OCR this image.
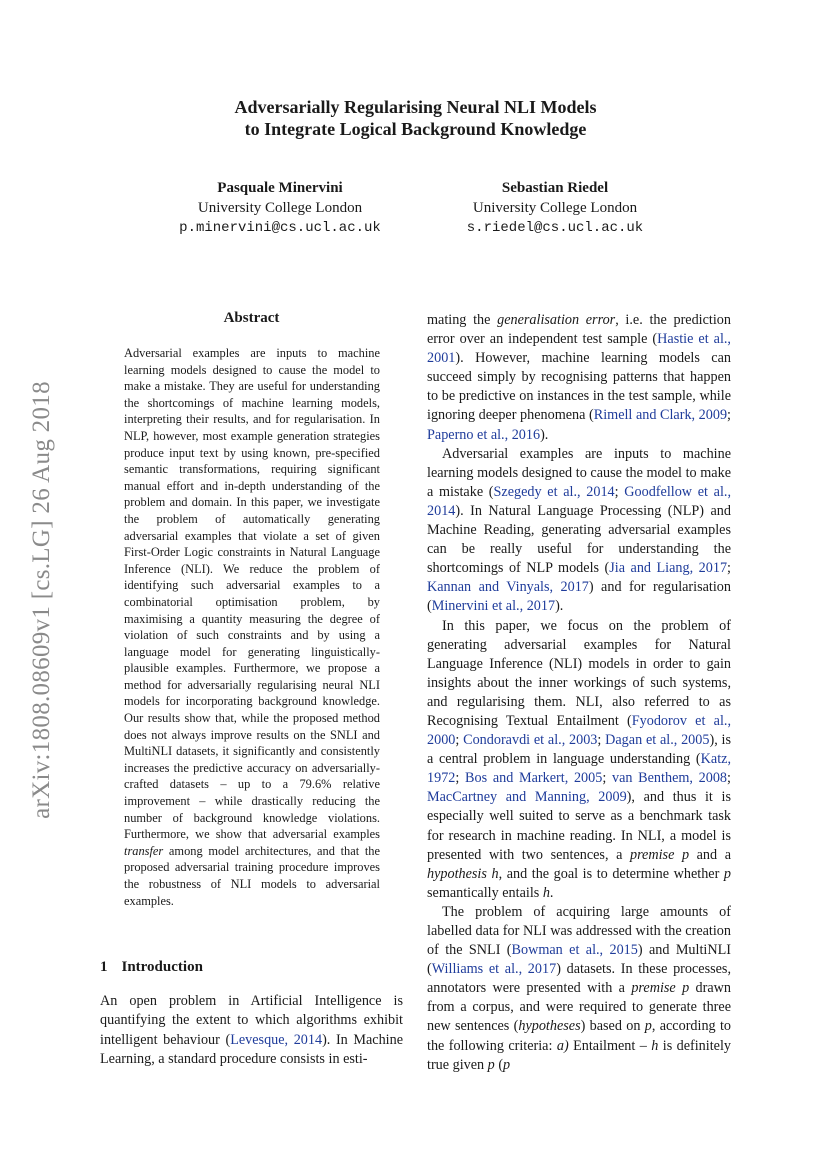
arXiv:1808.08609v1 [cs.LG] 26 Aug 2018
Adversarially Regularising Neural NLI Models
to Integrate Logical Background Knowledge
Pasquale Minervini
University College London
p.minervini@cs.ucl.ac.uk
Sebastian Riedel
University College London
s.riedel@cs.ucl.ac.uk
Abstract
Adversarial examples are inputs to machine learning models designed to cause the model to make a mistake. They are useful for understanding the shortcomings of machine learning models, interpreting their results, and for regularisation. In NLP, however, most example generation strategies produce input text by using known, pre-specified semantic transformations, requiring significant manual effort and in-depth understanding of the problem and domain. In this paper, we investigate the problem of automatically generating adversarial examples that violate a set of given First-Order Logic constraints in Natural Language Inference (NLI). We reduce the problem of identifying such adversarial examples to a combinatorial optimisation problem, by maximising a quantity measuring the degree of violation of such constraints and by using a language model for generating linguistically-plausible examples. Furthermore, we propose a method for adversarially regularising neural NLI models for incorporating background knowledge. Our results show that, while the proposed method does not always improve results on the SNLI and MultiNLI datasets, it significantly and consistently increases the predictive accuracy on adversarially-crafted datasets – up to a 79.6% relative improvement – while drastically reducing the number of background knowledge violations. Furthermore, we show that adversarial examples transfer among model architectures, and that the proposed adversarial training procedure improves the robustness of NLI models to adversarial examples.
1 Introduction
An open problem in Artificial Intelligence is quantifying the extent to which algorithms exhibit intelligent behaviour (Levesque, 2014). In Machine Learning, a standard procedure consists in esti-

mating the generalisation error, i.e. the prediction error over an independent test sample (Hastie et al., 2001). However, machine learning models can succeed simply by recognising patterns that happen to be predictive on instances in the test sample, while ignoring deeper phenomena (Rimell and Clark, 2009; Paperno et al., 2016).

Adversarial examples are inputs to machine learning models designed to cause the model to make a mistake (Szegedy et al., 2014; Goodfellow et al., 2014). In Natural Language Processing (NLP) and Machine Reading, generating adversarial examples can be really useful for understanding the shortcomings of NLP models (Jia and Liang, 2017; Kannan and Vinyals, 2017) and for regularisation (Minervini et al., 2017).

In this paper, we focus on the problem of generating adversarial examples for Natural Language Inference (NLI) models in order to gain insights about the inner workings of such systems, and regularising them. NLI, also referred to as Recognising Textual Entailment (Fyodorov et al., 2000; Condoravdi et al., 2003; Dagan et al., 2005), is a central problem in language understanding (Katz, 1972; Bos and Markert, 2005; van Benthem, 2008; MacCartney and Manning, 2009), and thus it is especially well suited to serve as a benchmark task for research in machine reading. In NLI, a model is presented with two sentences, a premise p and a hypothesis h, and the goal is to determine whether p semantically entails h.

The problem of acquiring large amounts of labelled data for NLI was addressed with the creation of the SNLI (Bowman et al., 2015) and MultiNLI (Williams et al., 2017) datasets. In these processes, annotators were presented with a premise p drawn from a corpus, and were required to generate three new sentences (hypotheses) based on p, according to the following criteria: a) Entailment – h is definitely true given p (p
